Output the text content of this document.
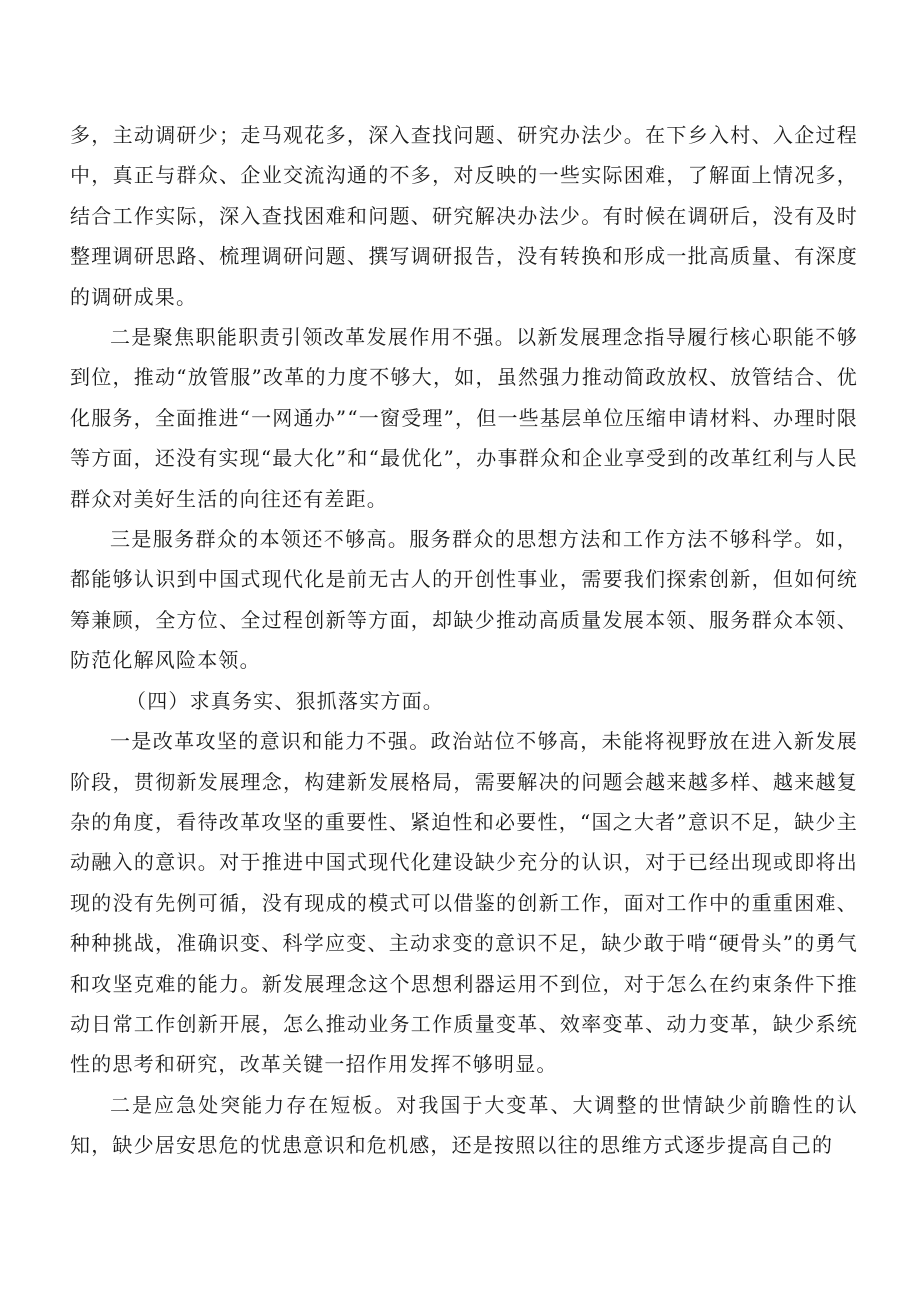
多，主动调研少；走马观花多，深入查找问题、研究办法少。在下乡入村、入企过程中，真正与群众、企业交流沟通的不多，对反映的一些实际困难，了解面上情况多，结合工作实际，深入查找困难和问题、研究解决办法少。有时候在调研后，没有及时整理调研思路、梳理调研问题、撰写调研报告，没有转换和形成一批高质量、有深度的调研成果。

二是聚焦职能职责引领改革发展作用不强。以新发展理念指导履行核心职能不够到位，推动“放管服”改革的力度不够大，如，虽然强力推动简政放权、放管结合、优化服务，全面推进“一网通办”“一窗受理”，但一些基层单位压缩申请材料、办理时限等方面，还没有实现“最大化”和“最优化”，办事群众和企业享受到的改革红利与人民群众对美好生活的向往还有差距。

三是服务群众的本领还不够高。服务群众的思想方法和工作方法不够科学。如，都能够认识到中国式现代化是前无古人的开创性事业，需要我们探索创新，但如何统筹兼顾，全方位、全过程创新等方面，却缺少推动高质量发展本领、服务群众本领、防范化解风险本领。

（四）求真务实、狠抓落实方面。

一是改革攻坚的意识和能力不强。政治站位不够高，未能将视野放在进入新发展阶段，贯彻新发展理念，构建新发展格局，需要解决的问题会越来越多样、越来越复杂的角度，看待改革攻坚的重要性、紧迫性和必要性，“国之大者”意识不足，缺少主动融入的意识。对于推进中国式现代化建设缺少充分的认识，对于已经出现或即将出现的没有先例可循，没有现成的模式可以借鉴的创新工作，面对工作中的重重困难、种种挑战，准确识变、科学应变、主动求变的意识不足，缺少敢于啃“硬骨头”的勇气和攻坚克难的能力。新发展理念这个思想利器运用不到位，对于怎么在约束条件下推动日常工作创新开展，怎么推动业务工作质量变革、效率变革、动力变革，缺少系统性的思考和研究，改革关键一招作用发挥不够明显。

二是应急处突能力存在短板。对我国于大变革、大调整的世情缺少前瞻性的认知，缺少居安思危的忧患意识和危机感，还是按照以往的思维方式逐步提高自己的
